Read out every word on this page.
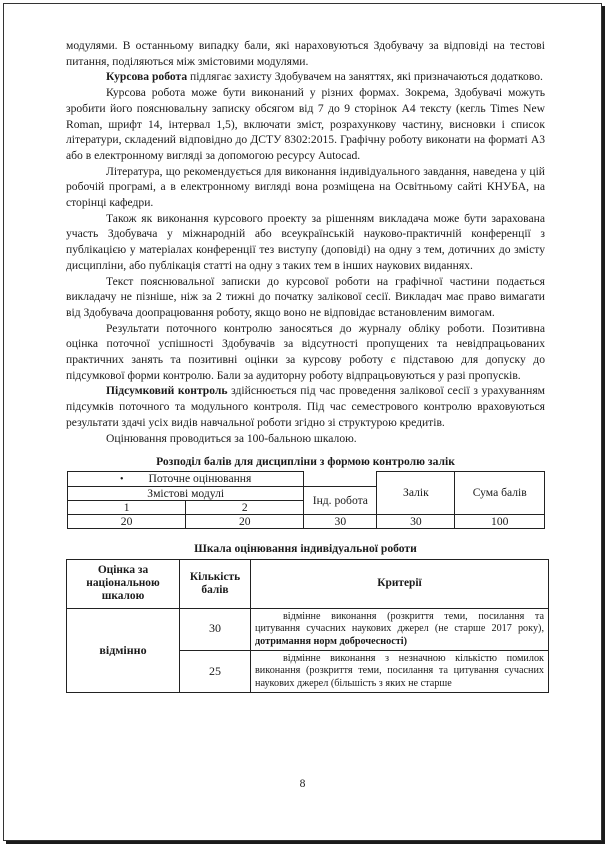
модулями. В останньому випадку бали, які нараховуються Здобувачу за відповіді на тестові питання, поділяються між змістовими модулями.

Курсова робота підлягає захисту Здобувачем на заняттях, які призначаються додатково.

Курсова робота може бути виконаний у різних формах. Зокрема, Здобувачі можуть зробити його пояснювальну записку обсягом від 7 до 9 сторінок А4 тексту (кегль Times New Roman, шрифт 14, інтервал 1,5), включати зміст, розрахункову частину, висновки і список літератури, складений відповідно до ДСТУ 8302:2015. Графічну роботу виконати на форматі А3 або в електронному вигляді за допомогою ресурсу Autocad.

Література, що рекомендується для виконання індивідуального завдання, наведена у цій робочій програмі, а в електронному вигляді вона розміщена на Освітньому сайті КНУБА, на сторінці кафедри.

Також як виконання курсового проекту за рішенням викладача може бути зарахована участь Здобувача у міжнародній або всеукраїнській науково-практичній конференції з публікацією у матеріалах конференції тез виступу (доповіді) на одну з тем, дотичних до змісту дисципліни, або публікація статті на одну з таких тем в інших наукових виданнях.

Текст пояснювальної записки до курсової роботи на графічної частини подається викладачу не пізніше, ніж за 2 тижні до початку залікової сесії. Викладач має право вимагати від Здобувача доопрацювання роботу, якщо воно не відповідає встановленим вимогам.

Результати поточного контролю заносяться до журналу обліку роботи. Позитивна оцінка поточної успішності Здобувачів за відсутності пропущених та невідпрацьованих практичних занять та позитивні оцінки за курсову роботу є підставою для допуску до підсумкової форми контролю. Бали за аудиторну роботу відпрацьовуються у разі пропусків.

Підсумковий контроль здійснюється під час проведення залікової сесії з урахуванням підсумків поточного та модульного контроля. Під час семестрового контролю враховуються результати здачі усіх видів навчальної роботи згідно зі структурою кредитів.

Оцінювання проводиться за 100-бальною шкалою.

Розподіл балів для дисципліни з формою контролю залік
•          Поточне оцінювання			Залік	Сума балів
Змістові модулі		Інд. робота		
1	2			
20	20	30	30	100
Шкала оцінювання індивідуальної роботи
Оцінка за національною шкалою	Кількість балів	Критерії
відмінно	30	відмінне виконання (розкриття теми, посилання та цитування сучасних наукових джерел (не старше 2017 року), дотримання норм доброчесності)
	25	відмінне виконання з незначною кількістю помилок виконання (розкриття теми, посилання та цитування сучасних наукових джерел (більшість з яких не старше
8
